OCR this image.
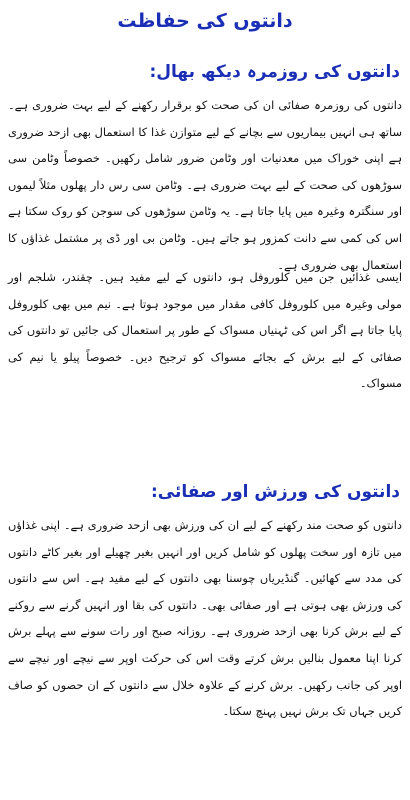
دانتوں کی حفاظت
دانتوں کی روزمرہ دیکھ بھال:

دانتوں کی روزمرہ صفائی ان کی صحت کو برقرار رکھنے کے لیے بہت ضروری ہے۔ ساتھ ہی انہیں بیماریوں سے بچانے کے لیے متوازن غذا کا استعمال بھی ازحد ضروری ہے اپنی خوراک میں معدنیات اور وٹامن ضرور شامل رکھیں۔ خصوصاً وٹامن سی سوڑھوں کی صحت کے لیے بہت ضروری ہے۔ وٹامن سی رس دار پھلوں مثلاً لیموں اور سنگترہ وغیرہ میں پایا جاتا ہے۔ یہ وٹامن سوڑھوں کی سوجن کو روک سکتا ہے اس کی کمی سے دانت کمزور ہو جاتے ہیں۔ وٹامن بی اور ڈی پر مشتمل غذاؤں کا استعمال بھی ضروری ہے۔

ایسی غذائیں جن میں کلوروفل ہو، دانتوں کے لیے مفید ہیں۔ چقندر، شلجم اور مولی وغیرہ میں کلوروفل کافی مقدار میں موجود ہوتا ہے۔ نیم میں بھی کلوروفل پایا جاتا ہے اگر اس کی ٹہنیاں مسواک کے طور پر استعمال کی جائیں تو دانتوں کی صفائی کے لیے برش کے بجائے مسواک کو ترجیح دیں۔ خصوصاً پیلو یا نیم کی مسواک۔

دانتوں کی ورزش اور صفائی:

دانتوں کو صحت مند رکھنے کے لیے ان کی ورزش بھی ازحد ضروری ہے۔ اپنی غذاؤں میں تازہ اور سخت پھلوں کو شامل کریں اور انہیں بغیر چھیلے اور بغیر کاٹے دانتوں کی مدد سے کھائیں۔ گنڈیریاں چوسنا بھی دانتوں کے لیے مفید ہے۔ اس سے دانتوں کی ورزش بھی ہوتی ہے اور صفائی بھی۔ دانتوں کی بقا اور انہیں گرنے سے روکنے کے لیے برش کرنا بھی ازحد ضروری ہے۔ روزانہ صبح اور رات سونے سے پہلے برش کرنا اپنا معمول بنالیں برش کرتے وقت اس کی حرکت اوپر سے نیچے اور نیچے سے اوپر کی جانب رکھیں۔ برش کرنے کے علاوہ خلال سے دانتوں کے ان حصوں کو صاف کریں جہاں تک برش نہیں پہنچ سکتا۔
